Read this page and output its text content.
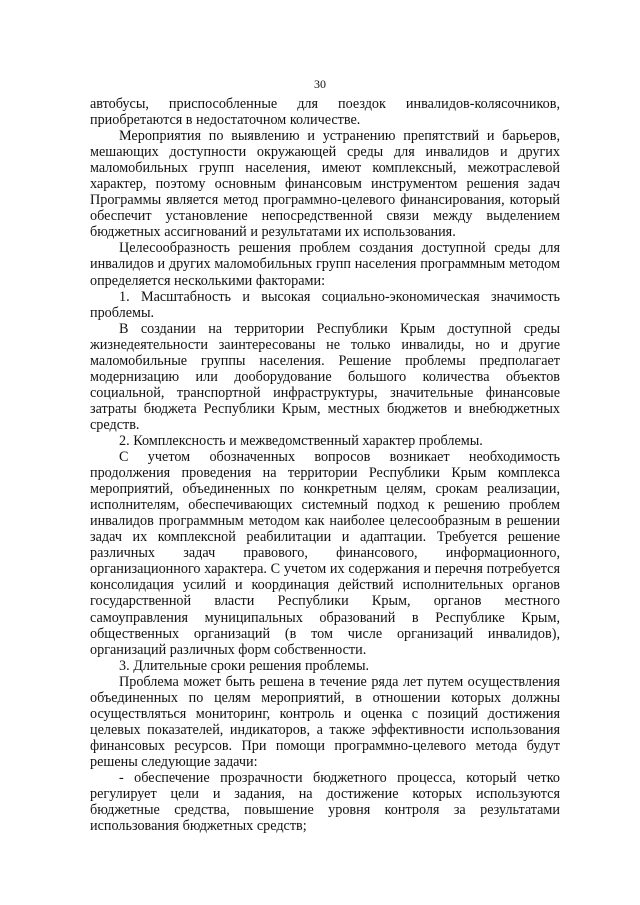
30

автобусы, приспособленные для поездок инвалидов-колясочников, приобретаются в недостаточном количестве.

Мероприятия по выявлению и устранению препятствий и барьеров, мешающих доступности окружающей среды для инвалидов и других маломобильных групп населения, имеют комплексный, межотраслевой характер, поэтому основным финансовым инструментом решения задач Программы является метод программно-целевого финансирования, который обеспечит установление непосредственной связи между выделением бюджетных ассигнований и результатами их использования.

Целесообразность решения проблем создания доступной среды для инвалидов и других маломобильных групп населения программным методом определяется несколькими факторами:

1. Масштабность и высокая социально-экономическая значимость проблемы.

В создании на территории Республики Крым доступной среды жизнедеятельности заинтересованы не только инвалиды, но и другие маломобильные группы населения. Решение проблемы предполагает модернизацию или дооборудование большого количества объектов социальной, транспортной инфраструктуры, значительные финансовые затраты бюджета Республики Крым, местных бюджетов и внебюджетных средств.

2. Комплексность и межведомственный характер проблемы.

С учетом обозначенных вопросов возникает необходимость продолжения проведения на территории Республики Крым комплекса мероприятий, объединенных по конкретным целям, срокам реализации, исполнителям, обеспечивающих системный подход к решению проблем инвалидов программным методом как наиболее целесообразным в решении задач их комплексной реабилитации и адаптации. Требуется решение различных задач правового, финансового, информационного, организационного характера. С учетом их содержания и перечня потребуется консолидация усилий и координация действий исполнительных органов государственной власти Республики Крым, органов местного самоуправления муниципальных образований в Республике Крым, общественных организаций (в том числе организаций инвалидов), организаций различных форм собственности.

3. Длительные сроки решения проблемы.

Проблема может быть решена в течение ряда лет путем осуществления объединенных по целям мероприятий, в отношении которых должны осуществляться мониторинг, контроль и оценка с позиций достижения целевых показателей, индикаторов, а также эффективности использования финансовых ресурсов. При помощи программно-целевого метода будут решены следующие задачи:

- обеспечение прозрачности бюджетного процесса, который четко регулирует цели и задания, на достижение которых используются бюджетные средства, повышение уровня контроля за результатами использования бюджетных средств;
